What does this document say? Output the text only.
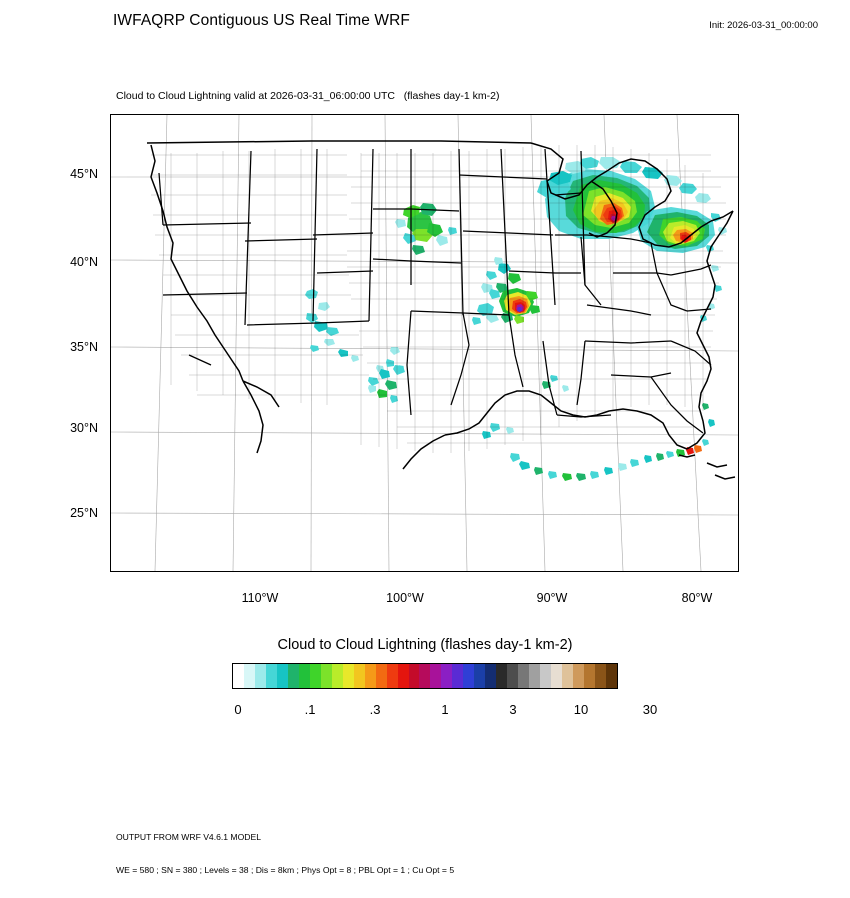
IWFAQRP Contiguous US Real Time WRF	Init: 2026-03-31_00:00:00
Cloud to Cloud Lightning valid at 2026-03-31_06:00:00 UTC   (flashes day-1 km-2)
45°N
40°N
35°N
30°N
25°N
110°W	100°W	90°W	80°W
Cloud to Cloud Lightning (flashes day-1 km-2)
0	.1	.3	1	3	10	30

OUTPUT FROM WRF V4.6.1 MODEL

WE = 580 ; SN = 380 ; Levels = 38 ; Dis = 8km ; Phys Opt = 8 ; PBL Opt = 1 ; Cu Opt = 5
